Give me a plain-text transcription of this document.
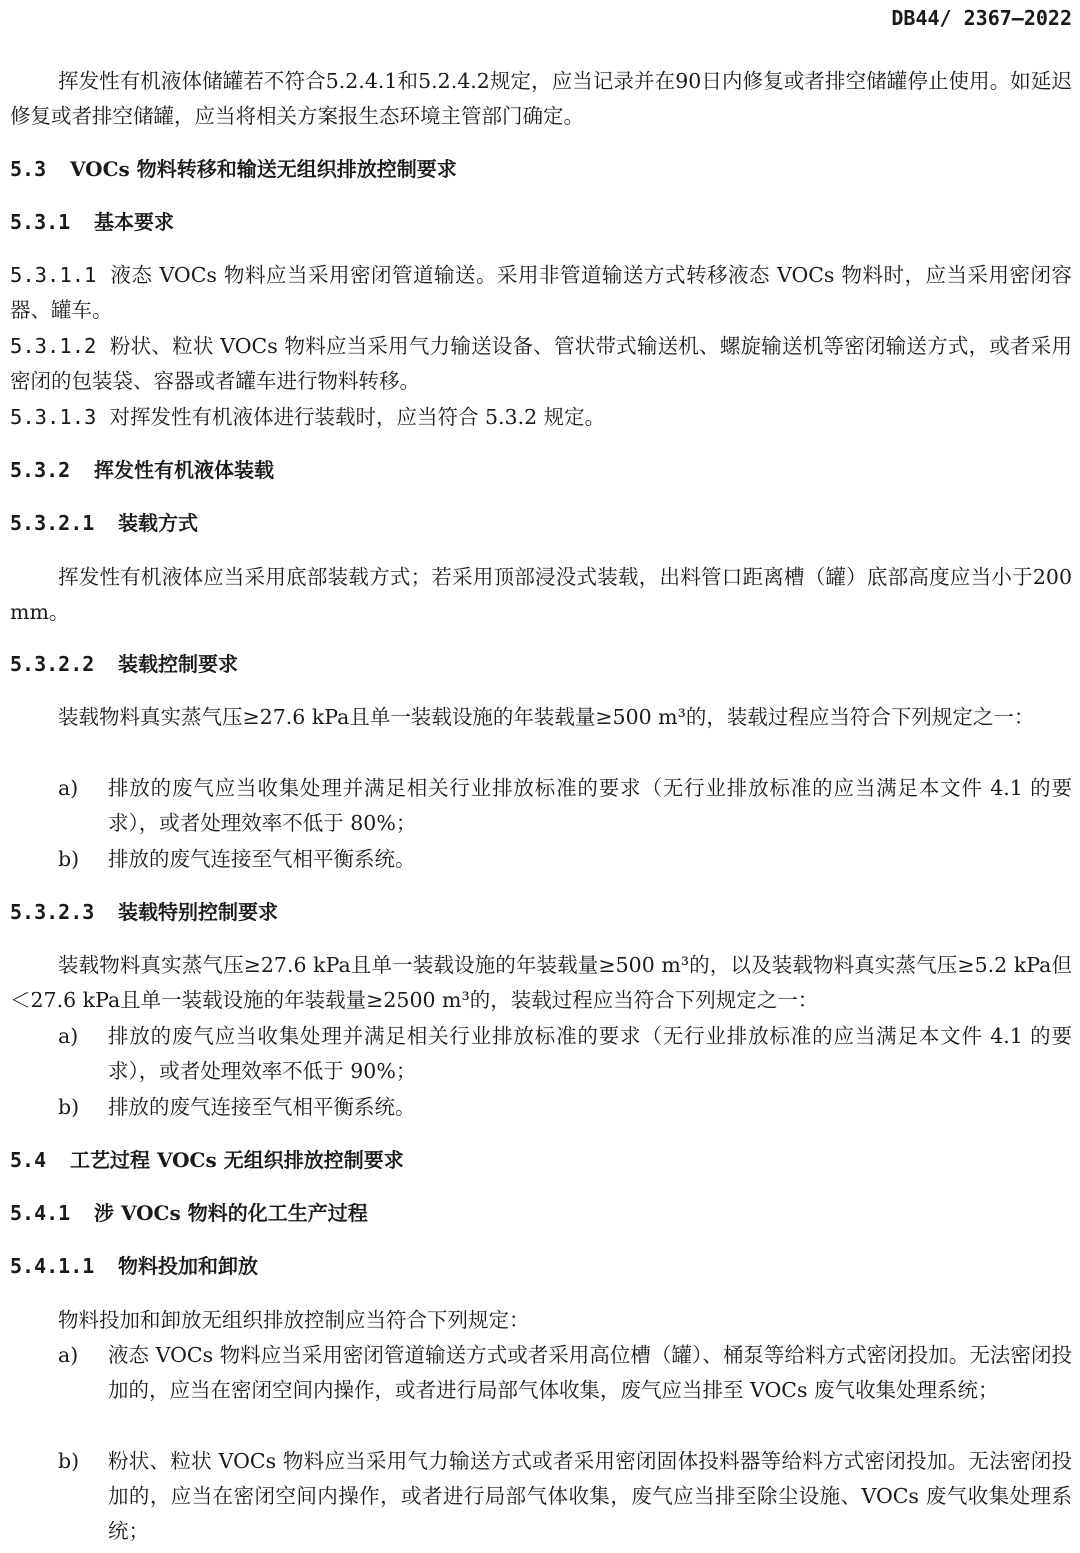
DB44/ 2367—2022
挥发性有机液体储罐若不符合5.2.4.1和5.2.4.2规定，应当记录并在90日内修复或者排空储罐停止使用。如延迟修复或者排空储罐，应当将相关方案报生态环境主管部门确定。
5.3 VOCs 物料转移和输送无组织排放控制要求
5.3.1 基本要求
5.3.1.1 液态 VOCs 物料应当采用密闭管道输送。采用非管道输送方式转移液态 VOCs 物料时，应当采用密闭容器、罐车。
5.3.1.2 粉状、粒状 VOCs 物料应当采用气力输送设备、管状带式输送机、螺旋输送机等密闭输送方式，或者采用密闭的包装袋、容器或者罐车进行物料转移。
5.3.1.3 对挥发性有机液体进行装载时，应当符合 5.3.2 规定。
5.3.2 挥发性有机液体装载
5.3.2.1 装载方式
挥发性有机液体应当采用底部装载方式；若采用顶部浸没式装载，出料管口距离槽（罐）底部高度应当小于200 mm。
5.3.2.2 装载控制要求
装载物料真实蒸气压≥27.6 kPa且单一装载设施的年装载量≥500 m³的，装载过程应当符合下列规定之一：
a) 排放的废气应当收集处理并满足相关行业排放标准的要求（无行业排放标准的应当满足本文件 4.1 的要求），或者处理效率不低于 80%；
b) 排放的废气连接至气相平衡系统。
5.3.2.3 装载特别控制要求
装载物料真实蒸气压≥27.6 kPa且单一装载设施的年装载量≥500 m³的，以及装载物料真实蒸气压≥5.2 kPa但＜27.6 kPa且单一装载设施的年装载量≥2500 m³的，装载过程应当符合下列规定之一：
a) 排放的废气应当收集处理并满足相关行业排放标准的要求（无行业排放标准的应当满足本文件 4.1 的要求），或者处理效率不低于 90%；
b) 排放的废气连接至气相平衡系统。
5.4 工艺过程 VOCs 无组织排放控制要求
5.4.1 涉 VOCs 物料的化工生产过程
5.4.1.1 物料投加和卸放
物料投加和卸放无组织排放控制应当符合下列规定：
a) 液态 VOCs 物料应当采用密闭管道输送方式或者采用高位槽（罐）、桶泵等给料方式密闭投加。无法密闭投加的，应当在密闭空间内操作，或者进行局部气体收集，废气应当排至 VOCs 废气收集处理系统；
b) 粉状、粒状 VOCs 物料应当采用气力输送方式或者采用密闭固体投料器等给料方式密闭投加。无法密闭投加的，应当在密闭空间内操作，或者进行局部气体收集，废气应当排至除尘设施、VOCs 废气收集处理系统；
